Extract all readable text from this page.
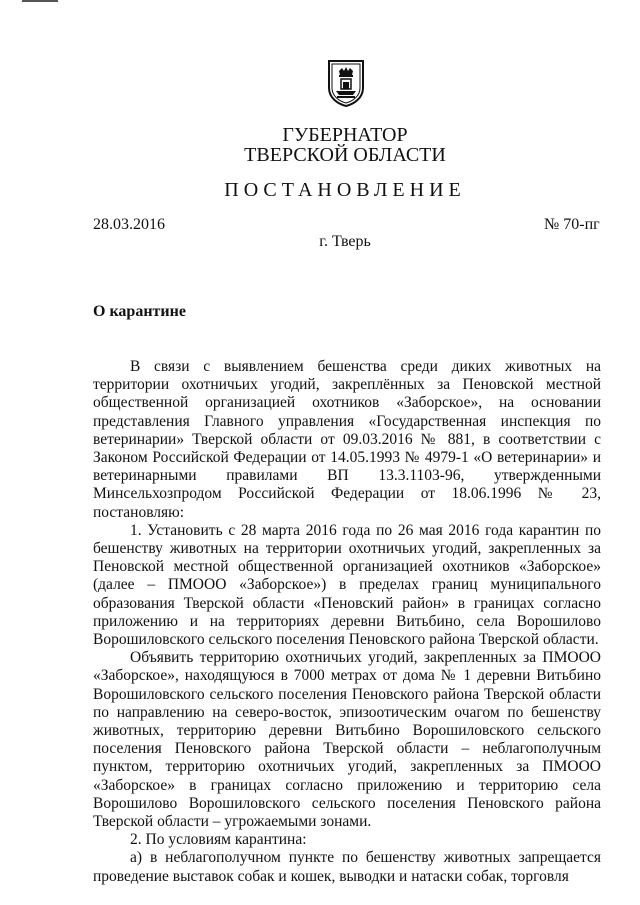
ГУБЕРНАТОР
ТВЕРСКОЙ ОБЛАСТИ
ПОСТАНОВЛЕНИЕ
28.03.2016	№ 70-пг
г. Тверь
О карантине

В связи с выявлением бешенства среди диких животных на территории охотничьих угодий, закреплённых за Пеновской местной общественной организацией охотников «Заборское», на основании представления Главного управления «Государственная инспекция по ветеринарии» Тверской области от 09.03.2016 № 881, в соответствии с Законом Российской Федерации от 14.05.1993 № 4979-1 «О ветеринарии» и ветеринарными правилами ВП 13.3.1103-96, утвержденными Минсельхозпродом Российской Федерации от 18.06.1996 № 23, постановляю:

1. Установить с 28 марта 2016 года по 26 мая 2016 года карантин по бешенству животных на территории охотничьих угодий, закрепленных за Пеновской местной общественной организацией охотников «Заборское» (далее – ПМООО «Заборское») в пределах границ муниципального образования Тверской области «Пеновский район» в границах согласно приложению и на территориях деревни Витьбино, села Ворошилово Ворошиловского сельского поселения Пеновского района Тверской области.

Объявить территорию охотничьих угодий, закрепленных за ПМООО «Заборское», находящуюся в 7000 метрах от дома № 1 деревни Витьбино Ворошиловского сельского поселения Пеновского района Тверской области по направлению на северо-восток, эпизоотическим очагом по бешенству животных, территорию деревни Витьбино Ворошиловского сельского поселения Пеновского района Тверской области – неблагополучным пунктом, территорию охотничьих угодий, закрепленных за ПМООО «Заборское» в границах согласно приложению и территорию села Ворошилово Ворошиловского сельского поселения Пеновского района Тверской области – угрожаемыми зонами.

2. По условиям карантина:

а) в неблагополучном пункте по бешенству животных запрещается проведение выставок собак и кошек, выводки и натаски собак, торговля
